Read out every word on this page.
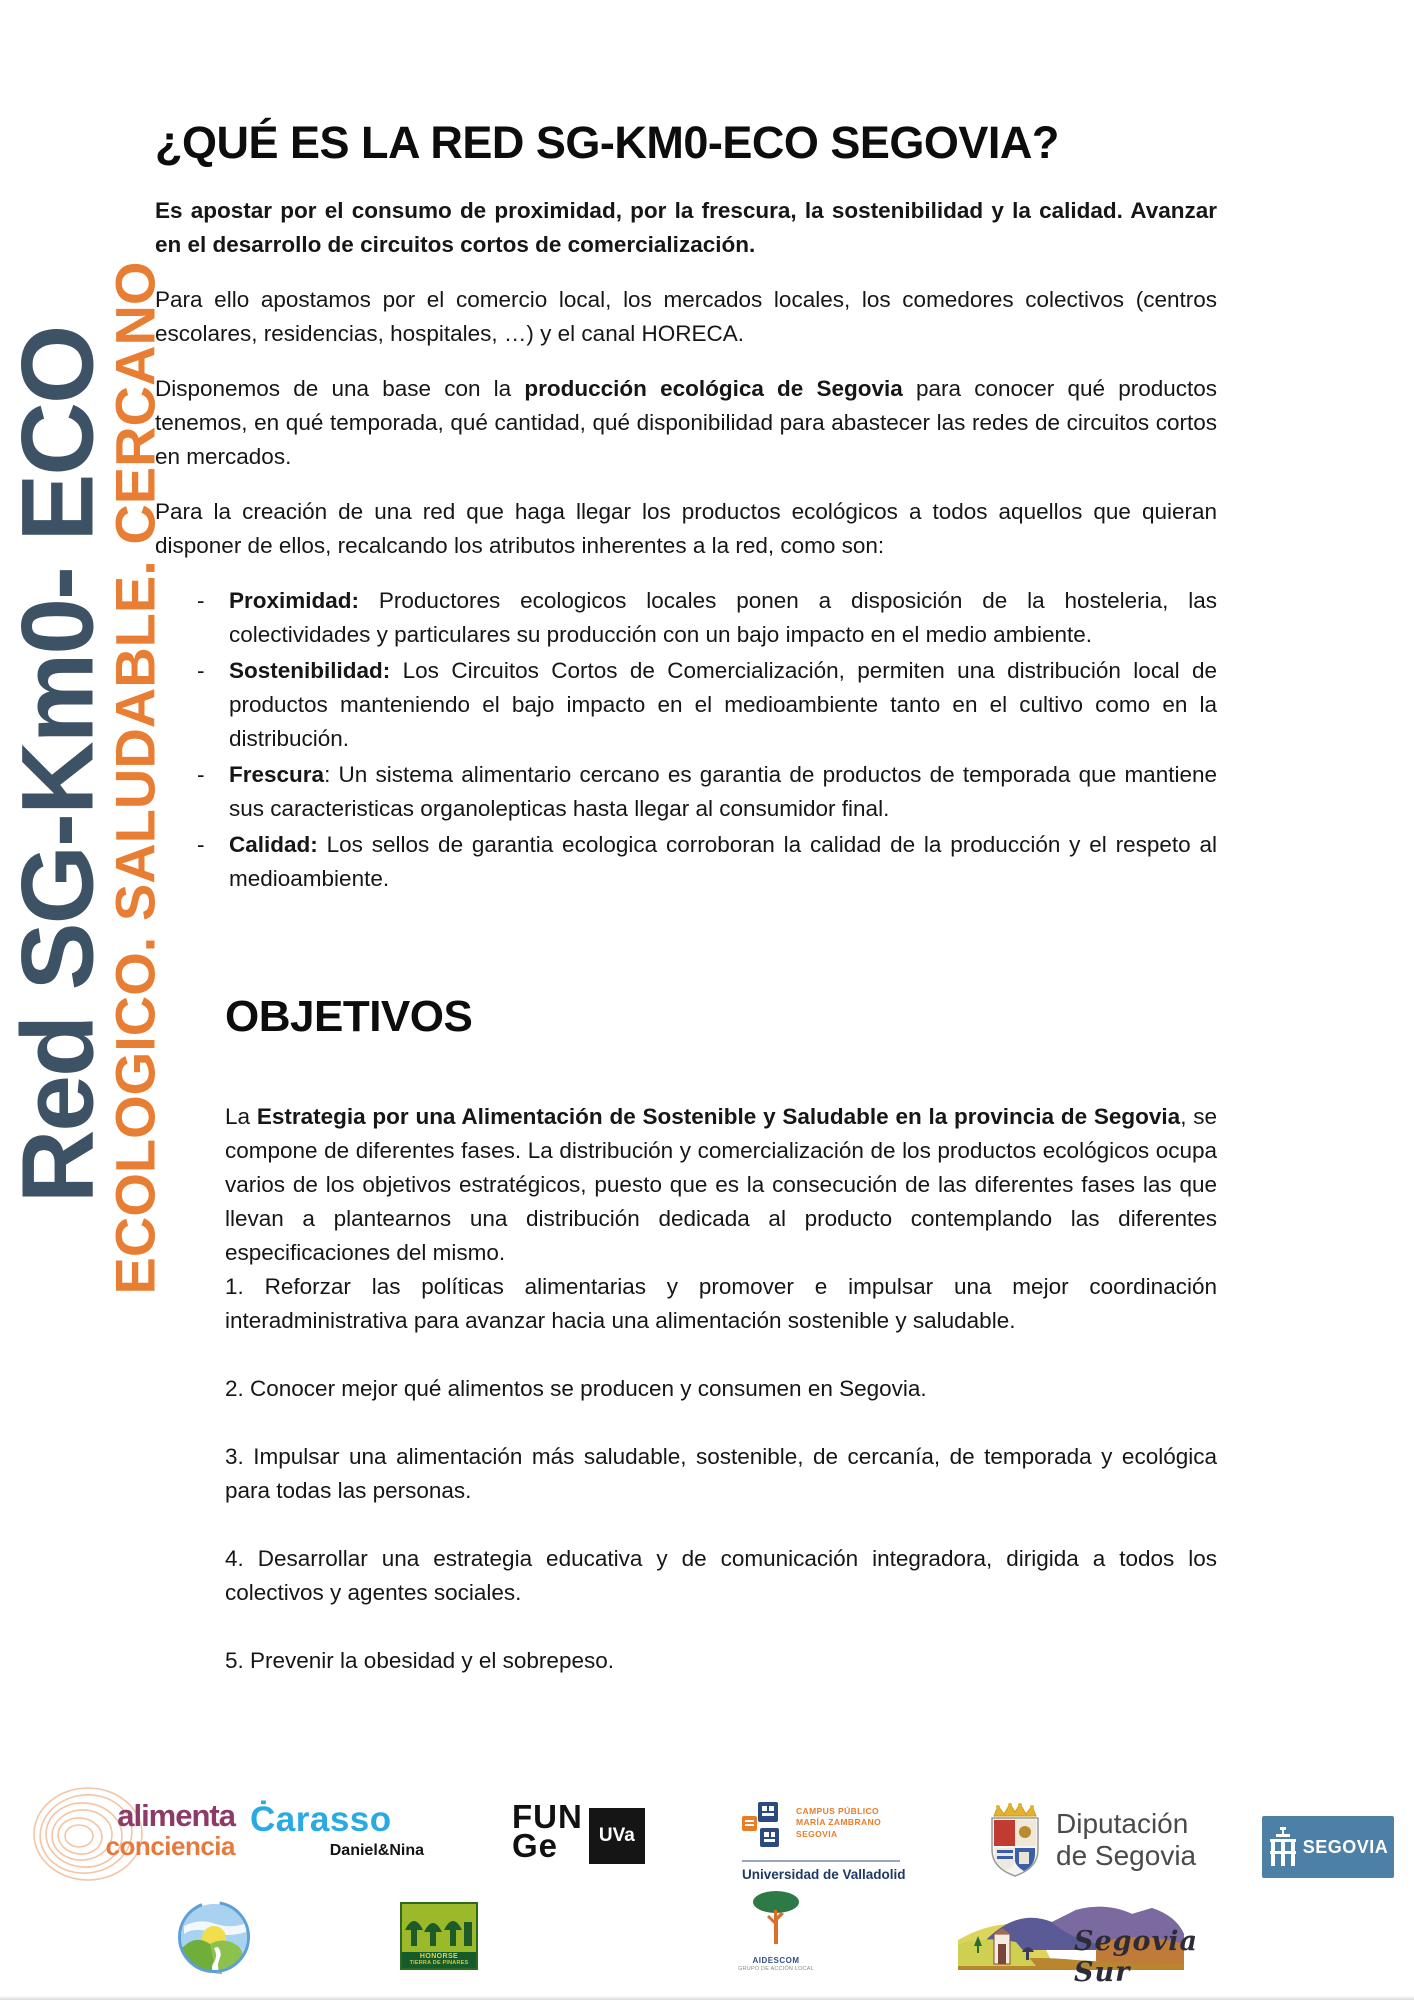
Red SG-Km0- ECO
ECOLOGICO. SALUDABLE. CERCANO
¿QUÉ ES LA RED SG-KM0-ECO SEGOVIA?

Es apostar por el consumo de proximidad, por la frescura, la sostenibilidad y la calidad. Avanzar en el desarrollo de circuitos cortos de comercialización.

Para ello apostamos por el comercio local, los mercados locales, los comedores colectivos (centros escolares, residencias, hospitales, …) y el canal HORECA.

Disponemos de una base con la producción ecológica de Segovia para conocer qué productos tenemos, en qué temporada, qué cantidad, qué disponibilidad para abastecer las redes de circuitos cortos en mercados.

Para la creación de una red que haga llegar los productos ecológicos a todos aquellos que quieran disponer de ellos, recalcando los atributos inherentes a la red, como son:

-	Proximidad: Productores ecologicos locales ponen a disposición de la hosteleria, las colectividades y particulares su producción con un bajo impacto en el medio ambiente.
-	Sostenibilidad: Los Circuitos Cortos de Comercialización, permiten una distribución local de productos manteniendo el bajo impacto en el medioambiente tanto en el cultivo como en la distribución.
-	Frescura: Un sistema alimentario cercano es garantia de productos de temporada que mantiene sus caracteristicas organolepticas hasta llegar al consumidor final.
-	Calidad: Los sellos de garantia ecologica corroboran la calidad de la producción y el respeto al medioambiente.
OBJETIVOS

La Estrategia por una Alimentación de Sostenible y Saludable en la provincia de Segovia, se compone de diferentes fases. La distribución y comercialización de los productos ecológicos ocupa varios de los objetivos estratégicos, puesto que es la consecución de las diferentes fases las que llevan a plantearnos una distribución dedicada al producto contemplando las diferentes especificaciones del mismo.

1. Reforzar las políticas alimentarias y promover e impulsar una mejor coordinación interadministrativa para avanzar hacia una alimentación sostenible y saludable.

2. Conocer mejor qué alimentos se producen y consumen en Segovia.

3. Impulsar una alimentación más saludable, sostenible, de cercanía, de temporada y ecológica para todas las personas.

4. Desarrollar una estrategia educativa y de comunicación integradora, dirigida a todos los colectivos y agentes sociales.

5. Prevenir la obesidad y el sobrepeso.

alimenta
conciencia
Ċarasso
Daniel&Nina
FUN
Ge	UVa
CAMPUS PÚBLICO
MARÍA ZAMBRANO
SEGOVIA
Universidad de Valladolid
Diputación
de Segovia	SEGOVIA
HONORSE
TIERRA DE PINARES	AIDESCOM
GRUPO DE ACCIÓN LOCAL
Segovia Sur
